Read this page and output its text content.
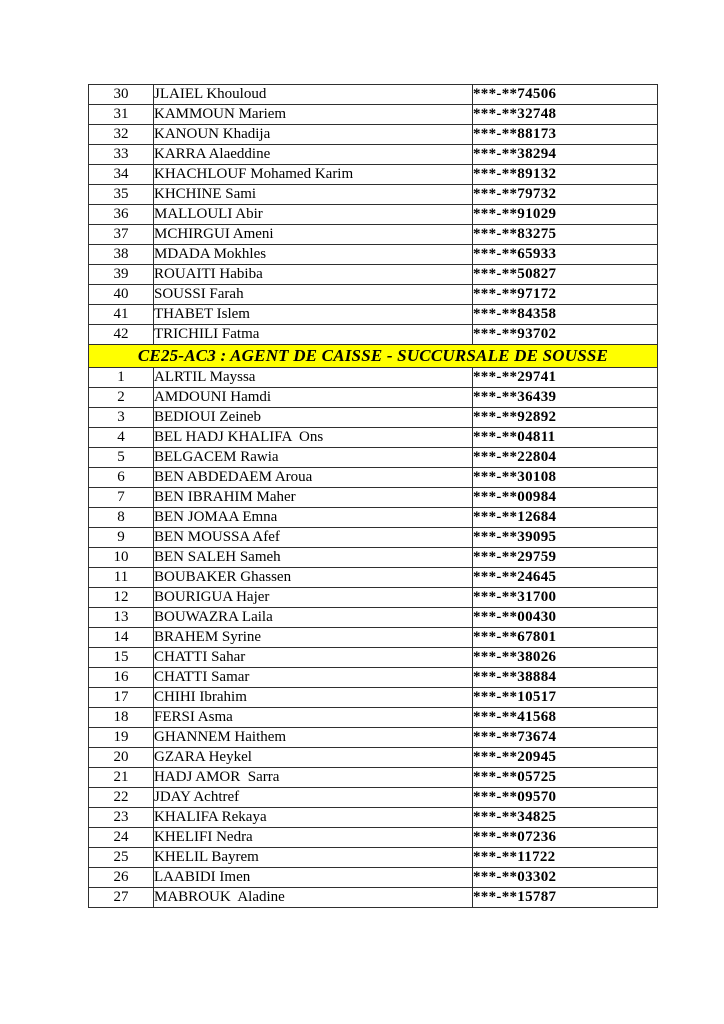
30	JLAIEL Khouloud	***-**74506
31	KAMMOUN Mariem	***-**32748
32	KANOUN Khadija	***-**88173
33	KARRA Alaeddine	***-**38294
34	KHACHLOUF Mohamed Karim	***-**89132
35	KHCHINE Sami	***-**79732
36	MALLOULI Abir	***-**91029
37	MCHIRGUI Ameni	***-**83275
38	MDADA Mokhles	***-**65933
39	ROUAITI Habiba	***-**50827
40	SOUSSI Farah	***-**97172
41	THABET Islem	***-**84358
42	TRICHILI Fatma	***-**93702
CE25-AC3 : AGENT DE CAISSE - SUCCURSALE DE SOUSSE		
1	ALRTIL Mayssa	***-**29741
2	AMDOUNI Hamdi	***-**36439
3	BEDIOUI Zeineb	***-**92892
4	BEL HADJ KHALIFA  Ons	***-**04811
5	BELGACEM Rawia	***-**22804
6	BEN ABDEDAEM Aroua	***-**30108
7	BEN IBRAHIM Maher	***-**00984
8	BEN JOMAA Emna	***-**12684
9	BEN MOUSSA Afef	***-**39095
10	BEN SALEH Sameh	***-**29759
11	BOUBAKER Ghassen	***-**24645
12	BOURIGUA Hajer	***-**31700
13	BOUWAZRA Laila	***-**00430
14	BRAHEM Syrine	***-**67801
15	CHATTI Sahar	***-**38026
16	CHATTI Samar	***-**38884
17	CHIHI Ibrahim	***-**10517
18	FERSI Asma	***-**41568
19	GHANNEM Haithem	***-**73674
20	GZARA Heykel	***-**20945
21	HADJ AMOR  Sarra	***-**05725
22	JDAY Achtref	***-**09570
23	KHALIFA Rekaya	***-**34825
24	KHELIFI Nedra	***-**07236
25	KHELIL Bayrem	***-**11722
26	LAABIDI Imen	***-**03302
27	MABROUK  Aladine	***-**15787
